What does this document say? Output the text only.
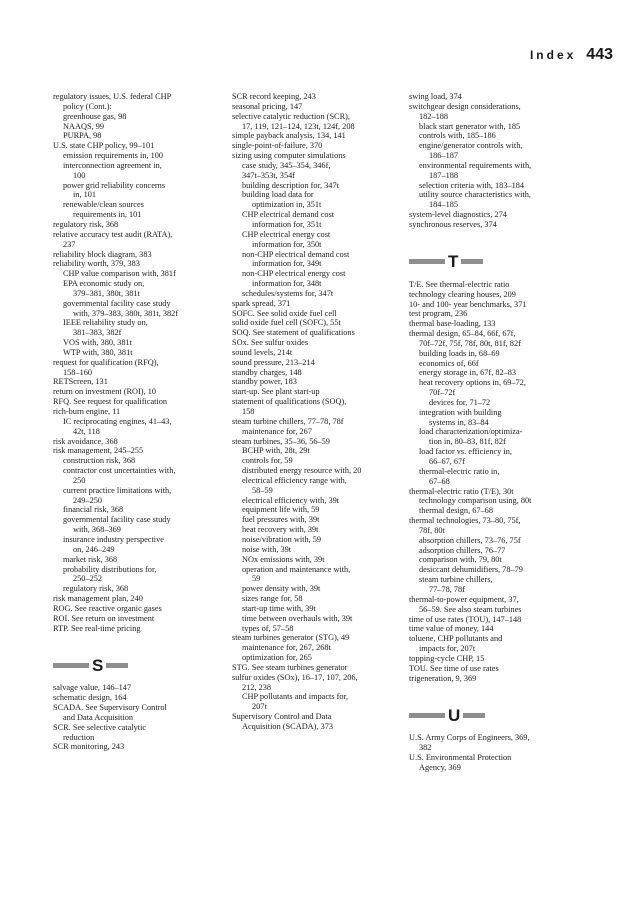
Index 443
regulatory issues, U.S. federal CHP
policy (Cont.):
greenhouse gas, 98
NAAQS, 99
PURPA, 98
U.S. state CHP policy, 99–101
emission requirements in, 100
interconnection agreement in,
100
power grid reliability concerns
in, 101
renewable/clean sources
requirements in, 101
regulatory risk, 368
relative accuracy test audit (RATA),
237
reliability block diagram, 383
reliability worth, 379, 383
CHP value comparison with, 381f
EPA economic study on,
379–381, 380t, 381t
governmental facility case study
with, 379–383, 380t, 381t, 382f
IEEE reliability study on,
381–383, 382f
VOS with, 380, 381t
WTP with, 380, 381t
request for qualification (RFQ),
158–160
RETScreen, 131
return on investment (ROI), 10
RFQ. See request for qualification
rich-burn engine, 11
IC reciprocating engines, 41–43,
42t, 118
risk avoidance, 368
risk management, 245–255
construction risk, 368
contractor cost uncertainties with,
250
current practice limitations with,
249–250
financial risk, 368
governmental facility case study
with, 368–369
insurance industry perspective
on, 246–249
market risk, 368
probability distributions for,
250–252
regulatory risk, 368
risk management plan, 240
ROG. See reactive organic gases
ROI. See return on investment
RTP. See real-time pricing
S
salvage value, 146–147
schematic design, 164
SCADA. See Supervisory Control
and Data Acquisition
SCR. See selective catalytic
reduction
SCR monitoring, 243
SCR record keeping, 243
seasonal pricing, 147
selective catalytic reduction (SCR),
17, 119, 121–124, 123t, 124f, 208
simple payback analysis, 134, 141
single-point-of-failure, 370
sizing using computer simulations
case study, 345–354, 346f,
347t–353t, 354f
building description for, 347t
building load data for
optimization in, 351t
CHP electrical demand cost
information for, 351t
CHP electrical energy cost
information for, 350t
non-CHP electrical demand cost
information for, 349t
non-CHP electrical energy cost
information for, 348t
schedules/systems for, 347t
spark spread, 371
SOFC. See solid oxide fuel cell
solid oxide fuel cell (SOFC), 55t
SOQ. See statement of qualifications
SOx. See sulfur oxides
sound levels, 214t
sound pressure, 213–214
standby charges, 148
standby power, 183
start-up. See plant start-up
statement of qualifications (SOQ),
158
steam turbine chillers, 77–78, 78f
maintenance for, 267
steam turbines, 35–36, 56–59
BCHP with, 28t, 29t
controls for, 59
distributed energy resource with, 20
electrical efficiency range with,
58–59
electrical efficiency with, 39t
equipment life with, 59
fuel pressures with, 39t
heat recovery with, 39t
noise/vibration with, 59
noise with, 39t
NOx emissions with, 39t
operation and maintenance with,
59
power density with, 39t
sizes range for, 58
start-up time with, 39t
time between overhauls with, 39t
types of, 57–58
steam turbines generator (STG), 49
maintenance for, 267, 268t
optimization for, 265
STG. See steam turbines generator
sulfur oxides (SOx), 16–17, 107, 206,
212, 238
CHP pollutants and impacts for,
207t
Supervisory Control and Data
Acquisition (SCADA), 373
swing load, 374
switchgear design considerations,
182–188
black start generator with, 185
controls with, 185–186
engine/generator controls with,
186–187
environmental requirements with,
187–188
selection criteria with, 183–184
utility source characteristics with,
184–185
system-level diagnostics, 274
synchronous reserves, 374
T
T/E. See thermal-electric ratio
technology clearing houses, 209
10- and 100- year benchmarks, 371
test program, 236
thermal base-loading, 133
thermal design, 65–84, 66f, 67f,
70f–72f, 75f, 78f, 80t, 81f, 82f
building loads in, 68–69
economics of, 66f
energy storage in, 67f, 82–83
heat recovery options in, 69–72,
70f–72f
devices for, 71–72
integration with building
systems in, 83–84
load characterization/optimiza-
tion in, 80–83, 81f, 82f
load factor vs. efficiency in,
66–67, 67f
thermal-electric ratio in,
67–68
thermal-electric ratio (T/E), 30t
technology comparison using, 80t
thermal design, 67–68
thermal technologies, 73–80, 75f,
78f, 80t
absorption chillers, 73–76, 75f
adsorption chillers, 76–77
comparison with, 79, 80t
desiccant dehumidifiers, 78–79
steam turbine chillers,
77–78, 78f
thermal-to-power equipment, 37,
56–59. See also steam turbines
time of use rates (TOU), 147–148
time value of money, 144
toluene, CHP pollutants and
impacts for, 207t
topping-cycle CHP, 15
TOU. See time of use rates
trigeneration, 9, 369
U
U.S. Army Corps of Engineers, 369,
382
U.S. Environmental Protection
Agency, 369
